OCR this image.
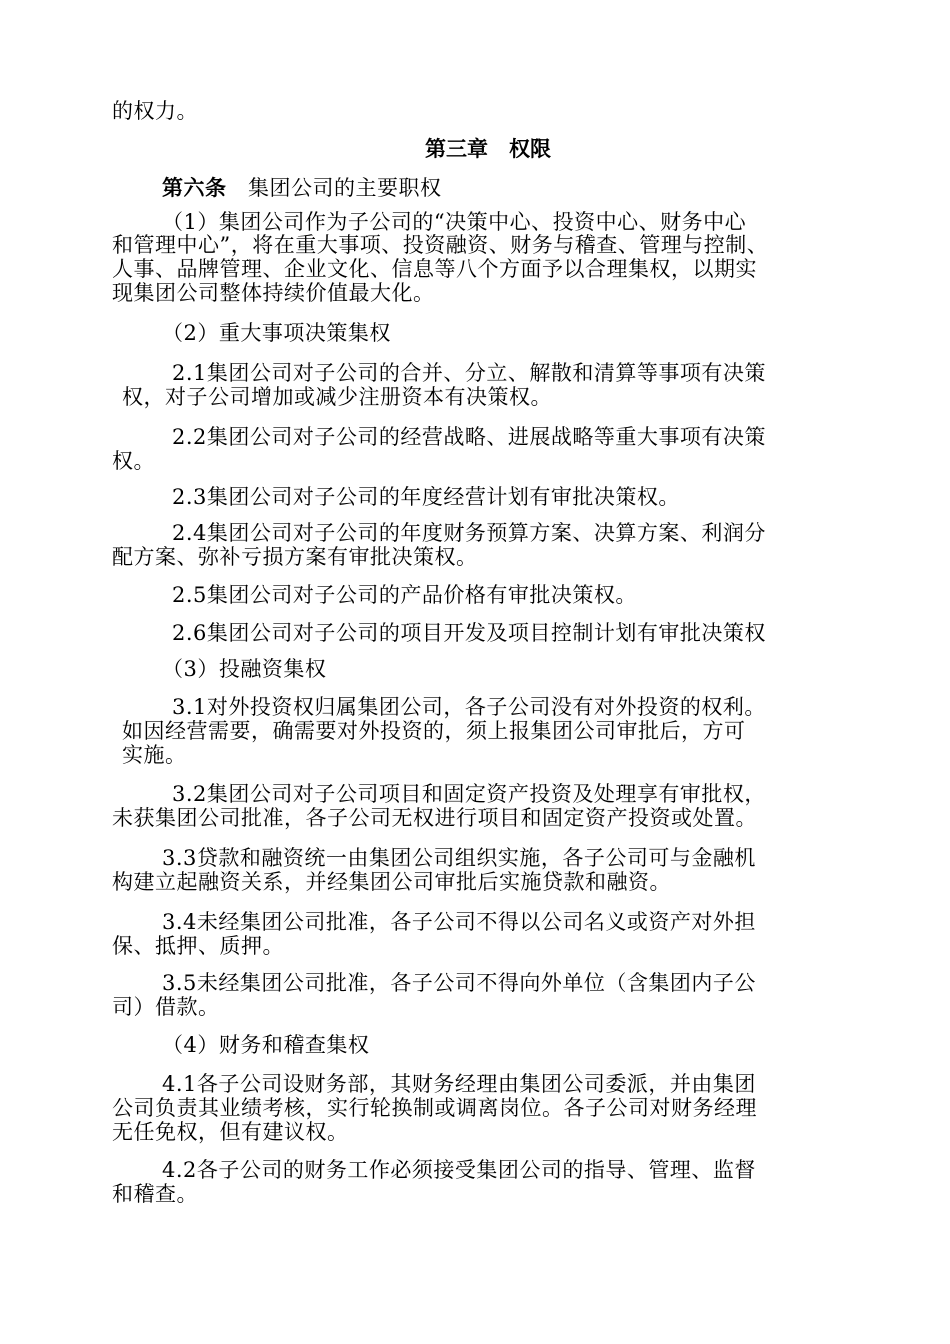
的权力。
第三章　权限
第六条　集团公司的主要职权
（1）集团公司作为子公司的“决策中心、投资中心、财务中心
和管理中心”，将在重大事项、投资融资、财务与稽查、管理与控制、
人事、品牌管理、企业文化、信息等八个方面予以合理集权，以期实
现集团公司整体持续价值最大化。
（2）重大事项决策集权
2.1集团公司对子公司的合并、分立、解散和清算等事项有决策
权，对子公司增加或减少注册资本有决策权。
2.2集团公司对子公司的经营战略、进展战略等重大事项有决策
权。
2.3集团公司对子公司的年度经营计划有审批决策权。
2.4集团公司对子公司的年度财务预算方案、决算方案、利润分
配方案、弥补亏损方案有审批决策权。
2.5集团公司对子公司的产品价格有审批决策权。
2.6集团公司对子公司的项目开发及项目控制计划有审批决策权
（3）投融资集权
3.1对外投资权归属集团公司，各子公司没有对外投资的权利。
如因经营需要，确需要对外投资的，须上报集团公司审批后，方可
实施。
3.2集团公司对子公司项目和固定资产投资及处理享有审批权，
未获集团公司批准，各子公司无权进行项目和固定资产投资或处置。
3.3贷款和融资统一由集团公司组织实施，各子公司可与金融机
构建立起融资关系，并经集团公司审批后实施贷款和融资。
3.4未经集团公司批准，各子公司不得以公司名义或资产对外担
保、抵押、质押。
3.5未经集团公司批准，各子公司不得向外单位（含集团内子公
司）借款。
（4）财务和稽查集权
4.1各子公司设财务部，其财务经理由集团公司委派，并由集团
公司负责其业绩考核，实行轮换制或调离岗位。各子公司对财务经理
无任免权，但有建议权。
4.2各子公司的财务工作必须接受集团公司的指导、管理、监督
和稽查。
